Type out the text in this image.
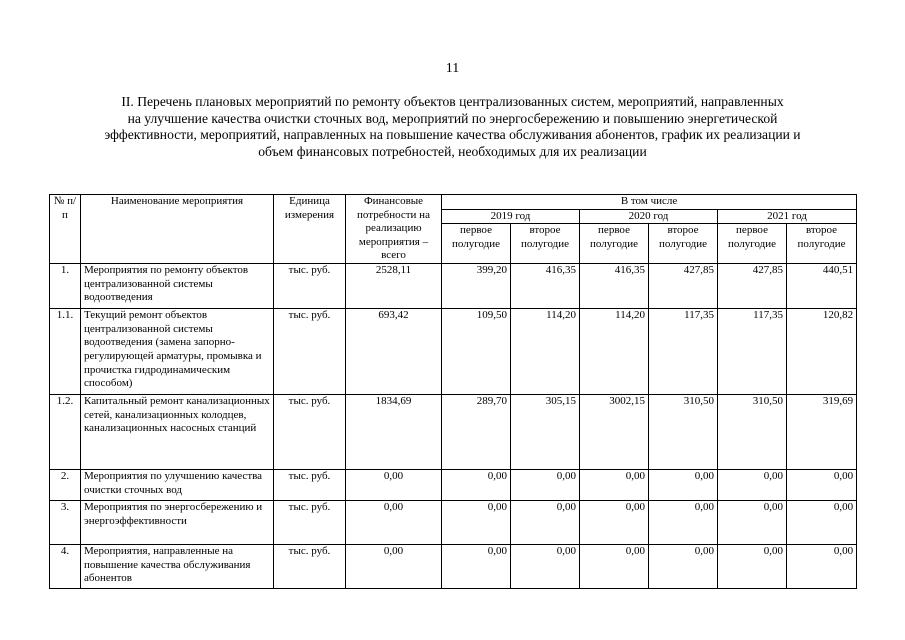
11
II. Перечень плановых мероприятий по ремонту объектов централизованных систем, мероприятий, направленных
на улучшение качества очистки сточных вод, мероприятий по энергосбережению и повышению энергетической
эффективности, мероприятий, направленных на повышение качества обслуживания абонентов, график их реализации и
объем финансовых потребностей, необходимых для их реализации
№ п/п	Наименование мероприятия	Единица измерения	Финансовые потребности на реализацию мероприятия – всего	В том числе					
				2019 год		2020 год		2021 год	
				первое полугодие	второе полугодие	первое полугодие	второе полугодие	первое полугодие	второе полугодие
1.	Мероприятия по ремонту объектов централизованной системы водоотведения	тыс. руб.	2528,11	399,20	416,35	416,35	427,85	427,85	440,51
1.1.	Текущий ремонт объектов централизованной системы водоотведения (замена запорно-регулирующей арматуры, промывка и прочистка гидродинамическим способом)	тыс. руб.	693,42	109,50	114,20	114,20	117,35	117,35	120,82
1.2.	Капитальный ремонт канализационных сетей, канализационных колодцев, канализационных насосных станций	тыс. руб.	1834,69	289,70	305,15	3002,15	310,50	310,50	319,69
2.	Мероприятия по улучшению качества очистки сточных вод	тыс. руб.	0,00	0,00	0,00	0,00	0,00	0,00	0,00
3.	Мероприятия по энергосбережению и энергоэффективности	тыс. руб.	0,00	0,00	0,00	0,00	0,00	0,00	0,00
4.	Мероприятия, направленные на повышение качества обслуживания абонентов	тыс. руб.	0,00	0,00	0,00	0,00	0,00	0,00	0,00
